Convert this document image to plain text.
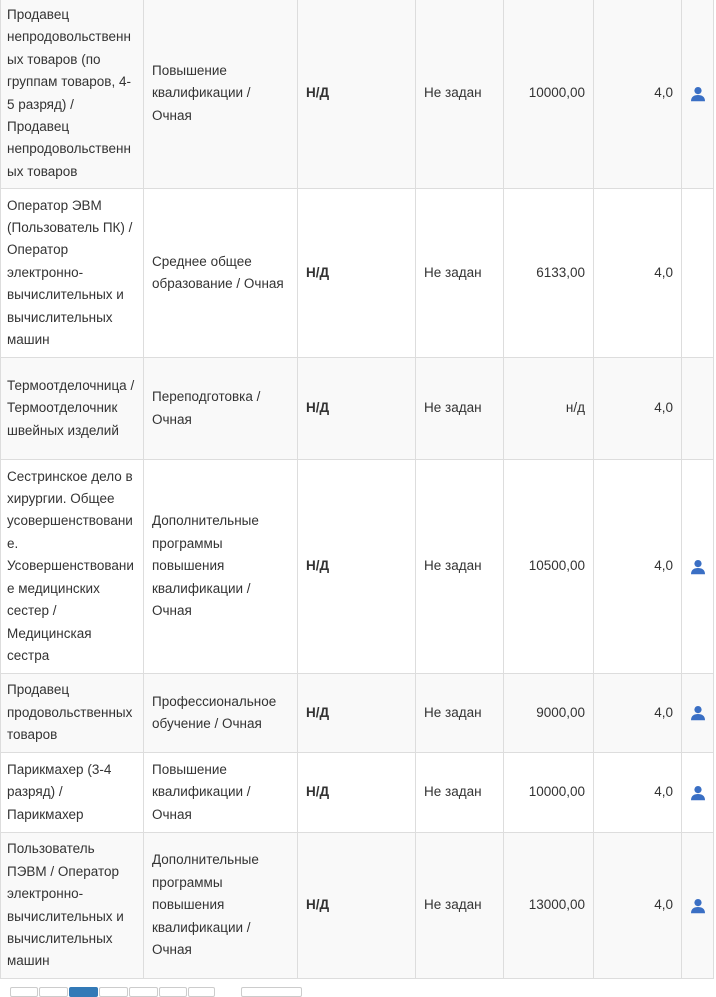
Продавец непродовольственных товаров (по группам товаров, 4-5 разряд) / Продавец непродовольственных товаров	Повышение квалификации / Очная	Н/Д	Не задан	10000,00	4,0	

Оператор ЭВМ (Пользователь ПК) / Оператор электронно-вычислительных и вычислительных машин	Среднее общее образование / Очная	Н/Д	Не задан	6133,00	4,0	
Термоотделочница / Термоотделочник швейных изделий	Переподготовка / Очная	Н/Д	Не задан	н/д	4,0	
Сестринское дело в хирургии. Общее усовершенствование. Усовершенствование медицинских сестер / Медицинская сестра	Дополнительные программы повышения квалификации / Очная	Н/Д	Не задан	10500,00	4,0	

Продавец продовольственных товаров	Профессиональное обучение / Очная	Н/Д	Не задан	9000,00	4,0	

Парикмахер (3-4 разряд) / Парикмахер	Повышение квалификации / Очная	Н/Д	Не задан	10000,00	4,0	

Пользователь ПЭВМ / Оператор электронно-вычислительных и вычислительных машин	Дополнительные программы повышения квалификации / Очная	Н/Д	Не задан	13000,00	4,0	
